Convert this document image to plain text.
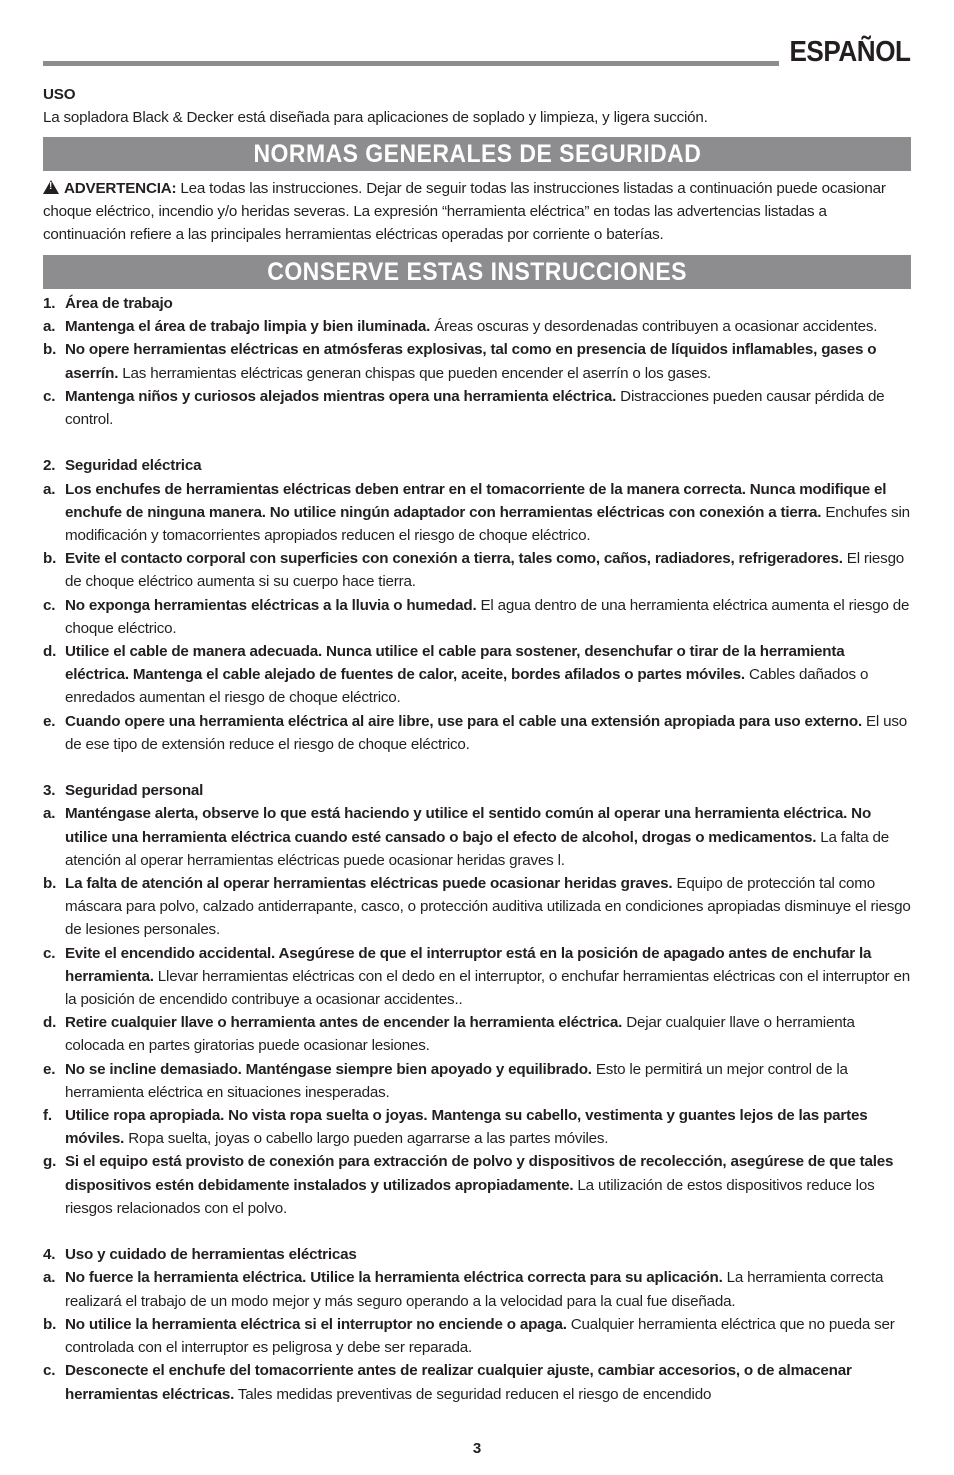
ESPAÑOL
USO
La sopladora Black & Decker está diseñada para aplicaciones de soplado y limpieza, y ligera succión.
NORMAS GENERALES DE SEGURIDAD
!ADVERTENCIA: Lea todas las instrucciones. Dejar de seguir todas las instrucciones listadas a continuación puede ocasionar choque eléctrico, incendio y/o heridas severas. La expresión “herramienta eléctrica” en todas las advertencias listadas a continuación refiere a las principales herramientas eléctricas operadas por corriente o baterías.
CONSERVE ESTAS INSTRUCCIONES
1. Área de trabajo
a. Mantenga el área de trabajo limpia y bien iluminada. Áreas oscuras y desordenadas contribuyen a ocasionar accidentes.
b. No opere herramientas eléctricas en atmósferas explosivas, tal como en presencia de líquidos inflamables, gases o aserrín. Las herramientas eléctricas generan chispas que pueden encender el aserrín o los gases.
c. Mantenga niños y curiosos alejados mientras opera una herramienta eléctrica. Distracciones pueden causar pérdida de control.
2. Seguridad eléctrica
a. Los enchufes de herramientas eléctricas deben entrar en el tomacorriente de la manera correcta. Nunca modifique el enchufe de ninguna manera. No utilice ningún adaptador con herramientas eléctricas con conexión a tierra. Enchufes sin modificación y tomacorrientes apropiados reducen el riesgo de choque eléctrico.
b. Evite el contacto corporal con superficies con conexión a tierra, tales como, caños, radiadores, refrigeradores. El riesgo de choque eléctrico aumenta si su cuerpo hace tierra.
c. No exponga herramientas eléctricas a la lluvia o humedad. El agua dentro de una herramienta eléctrica aumenta el riesgo de choque eléctrico.
d. Utilice el cable de manera adecuada. Nunca utilice el cable para sostener, desenchufar o tirar de la herramienta eléctrica. Mantenga el cable alejado de fuentes de calor, aceite, bordes afilados o partes móviles. Cables dañados o enredados aumentan el riesgo de choque eléctrico.
e. Cuando opere una herramienta eléctrica al aire libre, use para el cable una extensión apropiada para uso externo. El uso de ese tipo de extensión reduce el riesgo de choque eléctrico.
3. Seguridad personal
a. Manténgase alerta, observe lo que está haciendo y utilice el sentido común al operar una herramienta eléctrica. No utilice una herramienta eléctrica cuando esté cansado o bajo el efecto de alcohol, drogas o medicamentos. La falta de atención al operar herramientas eléctricas puede ocasionar heridas graves l.
b. La falta de atención al operar herramientas eléctricas puede ocasionar heridas graves. Equipo de protección tal como máscara para polvo, calzado antiderrapante, casco, o protección auditiva utilizada en condiciones apropiadas disminuye el riesgo de lesiones personales.
c. Evite el encendido accidental. Asegúrese de que el interruptor está en la posición de apagado antes de enchufar la herramienta. Llevar herramientas eléctricas con el dedo en el interruptor, o enchufar herramientas eléctricas con el interruptor en la posición de encendido contribuye a ocasionar accidentes..
d. Retire cualquier llave o herramienta antes de encender la herramienta eléctrica. Dejar cualquier llave o herramienta colocada en partes giratorias puede ocasionar lesiones.
e. No se incline demasiado. Manténgase siempre bien apoyado y equilibrado. Esto le permitirá un mejor control de la herramienta eléctrica en situaciones inesperadas.
f. Utilice ropa apropiada. No vista ropa suelta o joyas. Mantenga su cabello, vestimenta y guantes lejos de las partes móviles. Ropa suelta, joyas o cabello largo pueden agarrarse a las partes móviles.
g. Si el equipo está provisto de conexión para extracción de polvo y dispositivos de recolección, asegúrese de que tales dispositivos estén debidamente instalados y utilizados apropiadamente. La utilización de estos dispositivos reduce los riesgos relacionados con el polvo.
4. Uso y cuidado de herramientas eléctricas
a. No fuerce la herramienta eléctrica. Utilice la herramienta eléctrica correcta para su aplicación. La herramienta correcta realizará el trabajo de un modo mejor y más seguro operando a la velocidad para la cual fue diseñada.
b. No utilice la herramienta eléctrica si el interruptor no enciende o apaga. Cualquier herramienta eléctrica que no pueda ser controlada con el interruptor es peligrosa y debe ser reparada.
c. Desconecte el enchufe del tomacorriente antes de realizar cualquier ajuste, cambiar accesorios, o de almacenar herramientas eléctricas. Tales medidas preventivas de seguridad reducen el riesgo de encendido
3
